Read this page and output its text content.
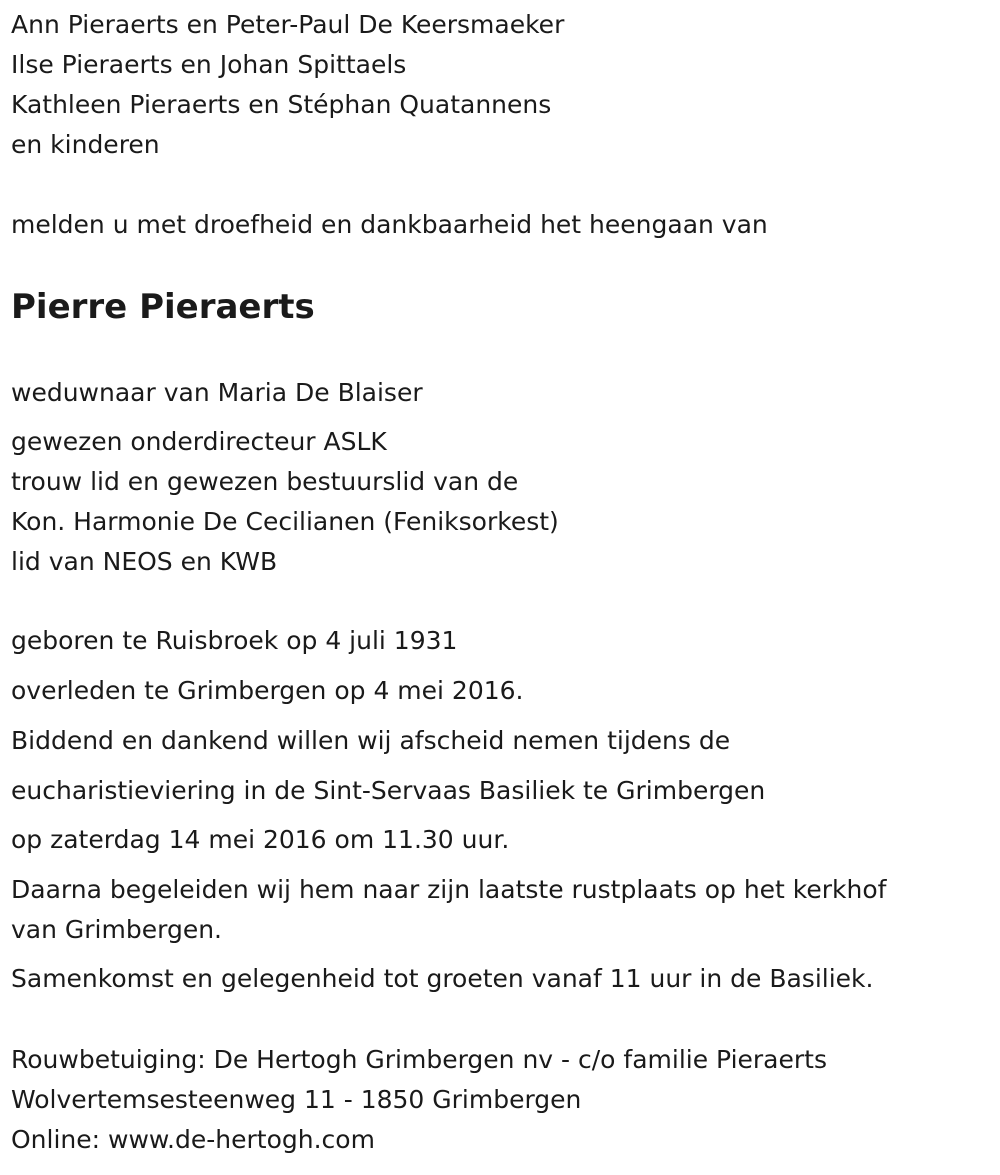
Ann Pieraerts en Peter-Paul De Keersmaeker

Ilse Pieraerts en Johan Spittaels

Kathleen Pieraerts en Stéphan Quatannens

en kinderen

melden u met droefheid en dankbaarheid het heengaan van

Pierre Pieraerts

weduwnaar van Maria De Blaiser

gewezen onderdirecteur ASLK

trouw lid en gewezen bestuurslid van de

Kon. Harmonie De Cecilianen (Feniksorkest)

lid van NEOS en KWB

geboren te Ruisbroek op 4 juli 1931

overleden te Grimbergen op 4 mei 2016.

Biddend en dankend willen wij afscheid nemen tijdens de

eucharistieviering in de Sint-Servaas Basiliek te Grimbergen

op zaterdag 14 mei 2016 om 11.30 uur.

Daarna begeleiden wij hem naar zijn laatste rustplaats op het kerkhof

van Grimbergen.

Samenkomst en gelegenheid tot groeten vanaf 11 uur in de Basiliek.

Rouwbetuiging: De Hertogh Grimbergen nv - c/o familie Pieraerts

Wolvertemsesteenweg 11 - 1850 Grimbergen

Online: www.de-hertogh.com
